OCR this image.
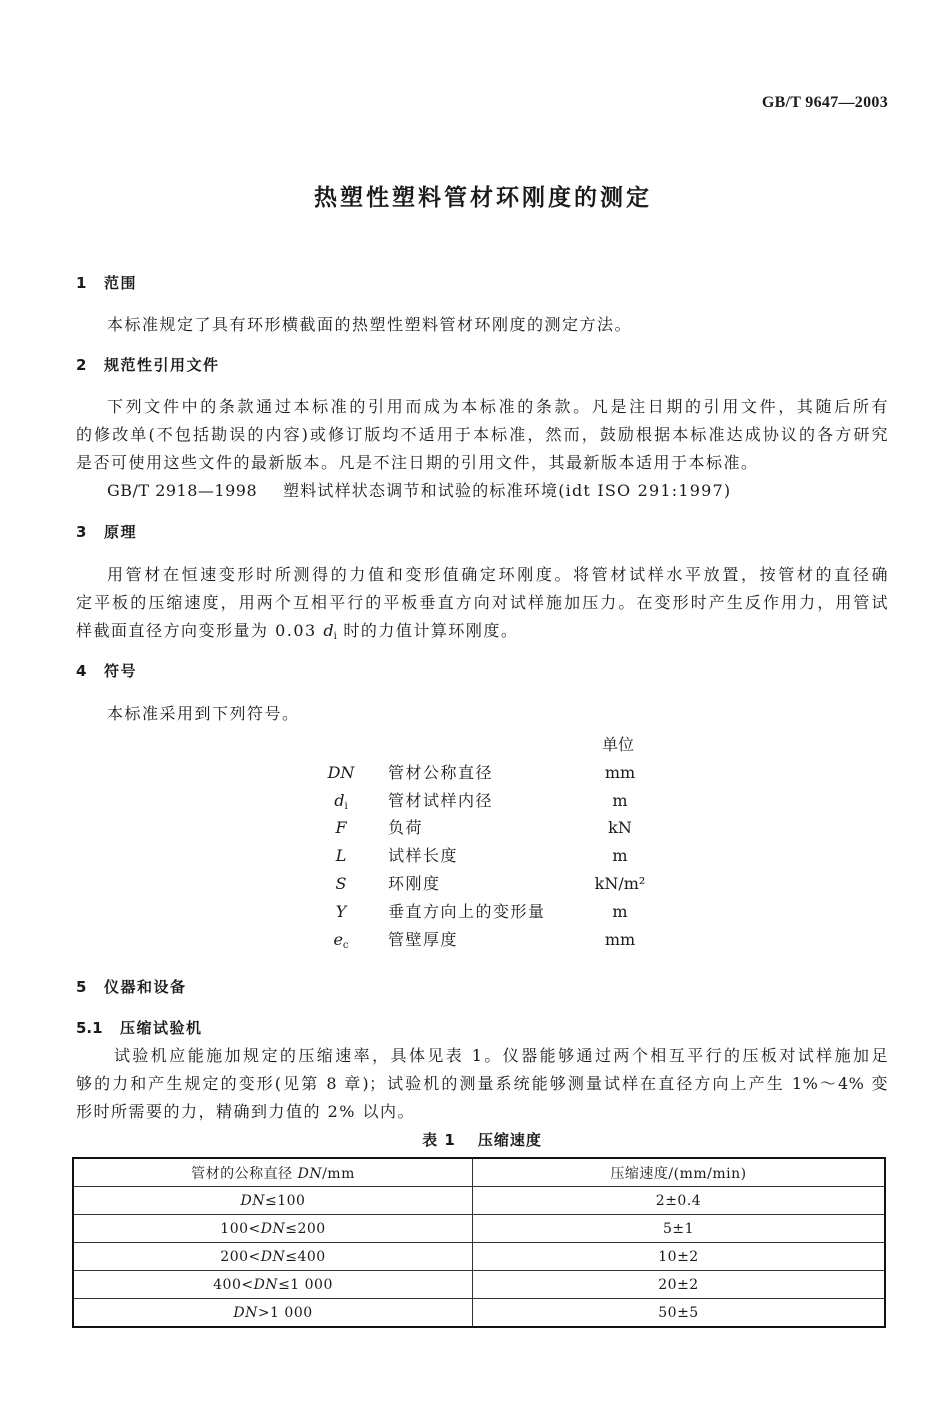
GB/T 9647—2003
热塑性塑料管材环刚度的测定
1 范围
本标准规定了具有环形横截面的热塑性塑料管材环刚度的测定方法。
2 规范性引用文件
下列文件中的条款通过本标准的引用而成为本标准的条款。凡是注日期的引用文件，其随后所有
的修改单(不包括勘误的内容)或修订版均不适用于本标准，然而，鼓励根据本标准达成协议的各方研究
是否可使用这些文件的最新版本。凡是不注日期的引用文件，其最新版本适用于本标准。
GB/T 2918—1998 塑料试样状态调节和试验的标准环境(idt ISO 291:1997)
3 原理
用管材在恒速变形时所测得的力值和变形值确定环刚度。将管材试样水平放置，按管材的直径确
定平板的压缩速度，用两个互相平行的平板垂直方向对试样施加压力。在变形时产生反作用力，用管试
样截面直径方向变形量为 0.03 $d_i$ 时的力值计算环刚度。
4 符号
本标准采用到下列符号。
单位
DN	管材公称直径	mm
$d_i$	管材试样内径	m
F	负荷	kN
L	试样长度	m
S	环刚度	kN/m²
Y	垂直方向上的变形量	m
$e_c$	管壁厚度	mm
5 仪器和设备
5.1 压缩试验机
试验机应能施加规定的压缩速率，具体见表 1。仪器能够通过两个相互平行的压板对试样施加足
够的力和产生规定的变形(见第 8 章)；试验机的测量系统能够测量试样在直径方向上产生 1%～4% 变
形时所需要的力，精确到力值的 2% 以内。
表 1 压缩速度
管材的公称直径 DN/mm	压缩速度/(mm/min)
DN≤100	2±0.4
100<DN≤200	5±1
200<DN≤400	10±2
400<DN≤1 000	20±2
DN>1 000	50±5
